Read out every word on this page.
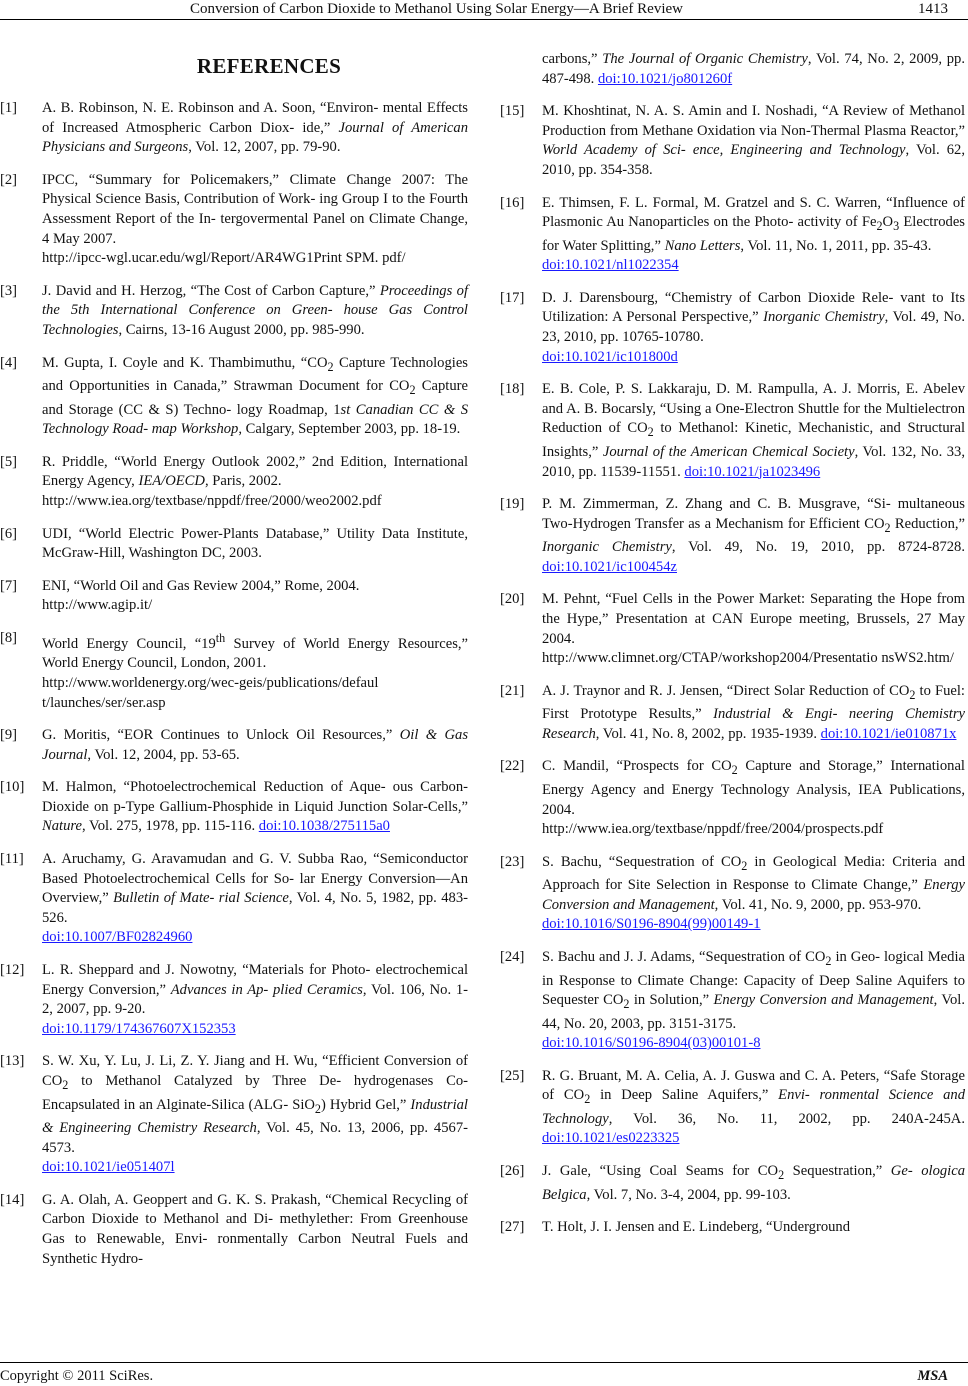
Conversion of Carbon Dioxide to Methanol Using Solar Energy—A Brief Review	1413
REFERENCES
[1] A. B. Robinson, N. E. Robinson and A. Soon, “Environ- mental Effects of Increased Atmospheric Carbon Diox- ide,” Journal of American Physicians and Surgeons, Vol. 12, 2007, pp. 79-90.
[2] IPCC, “Summary for Policemakers,” Climate Change 2007: The Physical Science Basis, Contribution of Work- ing Group I to the Fourth Assessment Report of the In- tergovermental Panel on Climate Change, 4 May 2007.
http://ipcc-wgl.ucar.edu/wgl/Report/AR4WG1Print SPM. pdf/
[3] J. David and H. Herzog, “The Cost of Carbon Capture,” Proceedings of the 5th International Conference on Green- house Gas Control Technologies, Cairns, 13-16 August 2000, pp. 985-990.
[4] M. Gupta, I. Coyle and K. Thambimuthu, “$CO_2$ Capture Technologies and Opportunities in Canada,” Strawman Document for $CO_2$ Capture and Storage (CC & S) Techno- logy Roadmap, 1st Canadian CC & S Technology Road- map Workshop, Calgary, September 2003, pp. 18-19.
[5] R. Priddle, “World Energy Outlook 2002,” 2nd Edition, International Energy Agency, IEA/OECD, Paris, 2002.
http://www.iea.org/textbase/nppdf/free/2000/weo2002.pdf
[6] UDI, “World Electric Power-Plants Database,” Utility Data Institute, McGraw-Hill, Washington DC, 2003.
[7] ENI, “World Oil and Gas Review 2004,” Rome, 2004.
http://www.agip.it/
[8] World Energy Council, “19th Survey of World Energy Resources,” World Energy Council, London, 2001.
http://www.worldenergy.org/wec-geis/publications/defaul t/launches/ser/ser.asp
[9] G. Moritis, “EOR Continues to Unlock Oil Resources,” Oil & Gas Journal, Vol. 12, 2004, pp. 53-65.
[10] M. Halmon, “Photoelectrochemical Reduction of Aque- ous Carbon-Dioxide on p-Type Gallium-Phosphide in Liquid Junction Solar-Cells,” Nature, Vol. 275, 1978, pp. 115-116. doi:10.1038/275115a0
[11] A. Aruchamy, G. Aravamudan and G. V. Subba Rao, “Semiconductor Based Photoelectrochemical Cells for So- lar Energy Conversion—An Overview,” Bulletin of Mate- rial Science, Vol. 4, No. 5, 1982, pp. 483-526.
doi:10.1007/BF02824960
[12] L. R. Sheppard and J. Nowotny, “Materials for Photo- electrochemical Energy Conversion,” Advances in Ap- plied Ceramics, Vol. 106, No. 1-2, 2007, pp. 9-20.
doi:10.1179/174367607X152353
[13] S. W. Xu, Y. Lu, J. Li, Z. Y. Jiang and H. Wu, “Efficient Conversion of $CO_2$ to Methanol Catalyzed by Three De- hydrogenases Co-Encapsulated in an Alginate-Silica (ALG- SiO$_2$) Hybrid Gel,” Industrial & Engineering Chemistry Research, Vol. 45, No. 13, 2006, pp. 4567-4573.
doi:10.1021/ie051407l
[14] G. A. Olah, A. Geoppert and G. K. S. Prakash, “Chemical Recycling of Carbon Dioxide to Methanol and Di- methylether: From Greenhouse Gas to Renewable, Envi- ronmentally Carbon Neutral Fuels and Synthetic Hydro-
carbons,” The Journal of Organic Chemistry, Vol. 74, No. 2, 2009, pp. 487-498. doi:10.1021/jo801260f
[15] M. Khoshtinat, N. A. S. Amin and I. Noshadi, “A Review of Methanol Production from Methane Oxidation via Non-Thermal Plasma Reactor,” World Academy of Sci- ence, Engineering and Technology, Vol. 62, 2010, pp. 354-358.
[16] E. Thimsen, F. L. Formal, M. Gratzel and S. C. Warren, “Influence of Plasmonic Au Nanoparticles on the Photo- activity of $Fe_2O_3$ Electrodes for Water Splitting,” Nano Letters, Vol. 11, No. 1, 2011, pp. 35-43.
doi:10.1021/nl1022354
[17] D. J. Darensbourg, “Chemistry of Carbon Dioxide Rele- vant to Its Utilization: A Personal Perspective,” Inorganic Chemistry, Vol. 49, No. 23, 2010, pp. 10765-10780.
doi:10.1021/ic101800d
[18] E. B. Cole, P. S. Lakkaraju, D. M. Rampulla, A. J. Morris, E. Abelev and A. B. Bocarsly, “Using a One-Electron Shuttle for the Multielectron Reduction of $CO_2$ to Methanol: Kinetic, Mechanistic, and Structural Insights,” Journal of the American Chemical Society, Vol. 132, No. 33, 2010, pp. 11539-11551. doi:10.1021/ja1023496
[19] P. M. Zimmerman, Z. Zhang and C. B. Musgrave, “Si- multaneous Two-Hydrogen Transfer as a Mechanism for Efficient $CO_2$ Reduction,” Inorganic Chemistry, Vol. 49, No. 19, 2010, pp. 8724-8728. doi:10.1021/ic100454z
[20] M. Pehnt, “Fuel Cells in the Power Market: Separating the Hope from the Hype,” Presentation at CAN Europe meeting, Brussels, 27 May 2004.
http://www.climnet.org/CTAP/workshop2004/Presentatio nsWS2.htm/
[21] A. J. Traynor and R. J. Jensen, “Direct Solar Reduction of $CO_2$ to Fuel: First Prototype Results,” Industrial & Engi- neering Chemistry Research, Vol. 41, No. 8, 2002, pp. 1935-1939. doi:10.1021/ie010871x
[22] C. Mandil, “Prospects for $CO_2$ Capture and Storage,” International Energy Agency and Energy Technology Analysis, IEA Publications, 2004.
http://www.iea.org/textbase/nppdf/free/2004/prospects.pdf
[23] S. Bachu, “Sequestration of $CO_2$ in Geological Media: Criteria and Approach for Site Selection in Response to Climate Change,” Energy Conversion and Management, Vol. 41, No. 9, 2000, pp. 953-970.
doi:10.1016/S0196-8904(99)00149-1
[24] S. Bachu and J. J. Adams, “Sequestration of $CO_2$ in Geo- logical Media in Response to Climate Change: Capacity of Deep Saline Aquifers to Sequester $CO_2$ in Solution,” Energy Conversion and Management, Vol. 44, No. 20, 2003, pp. 3151-3175.
doi:10.1016/S0196-8904(03)00101-8
[25] R. G. Bruant, M. A. Celia, A. J. Guswa and C. A. Peters, “Safe Storage of $CO_2$ in Deep Saline Aquifers,” Envi- ronmental Science and Technology, Vol. 36, No. 11, 2002, pp. 240A-245A. doi:10.1021/es0223325
[26] J. Gale, “Using Coal Seams for $CO_2$ Sequestration,” Ge- ologica Belgica, Vol. 7, No. 3-4, 2004, pp. 99-103.
[27] T. Holt, J. I. Jensen and E. Lindeberg, “Underground
Copyright © 2011 SciRes.	MSA
